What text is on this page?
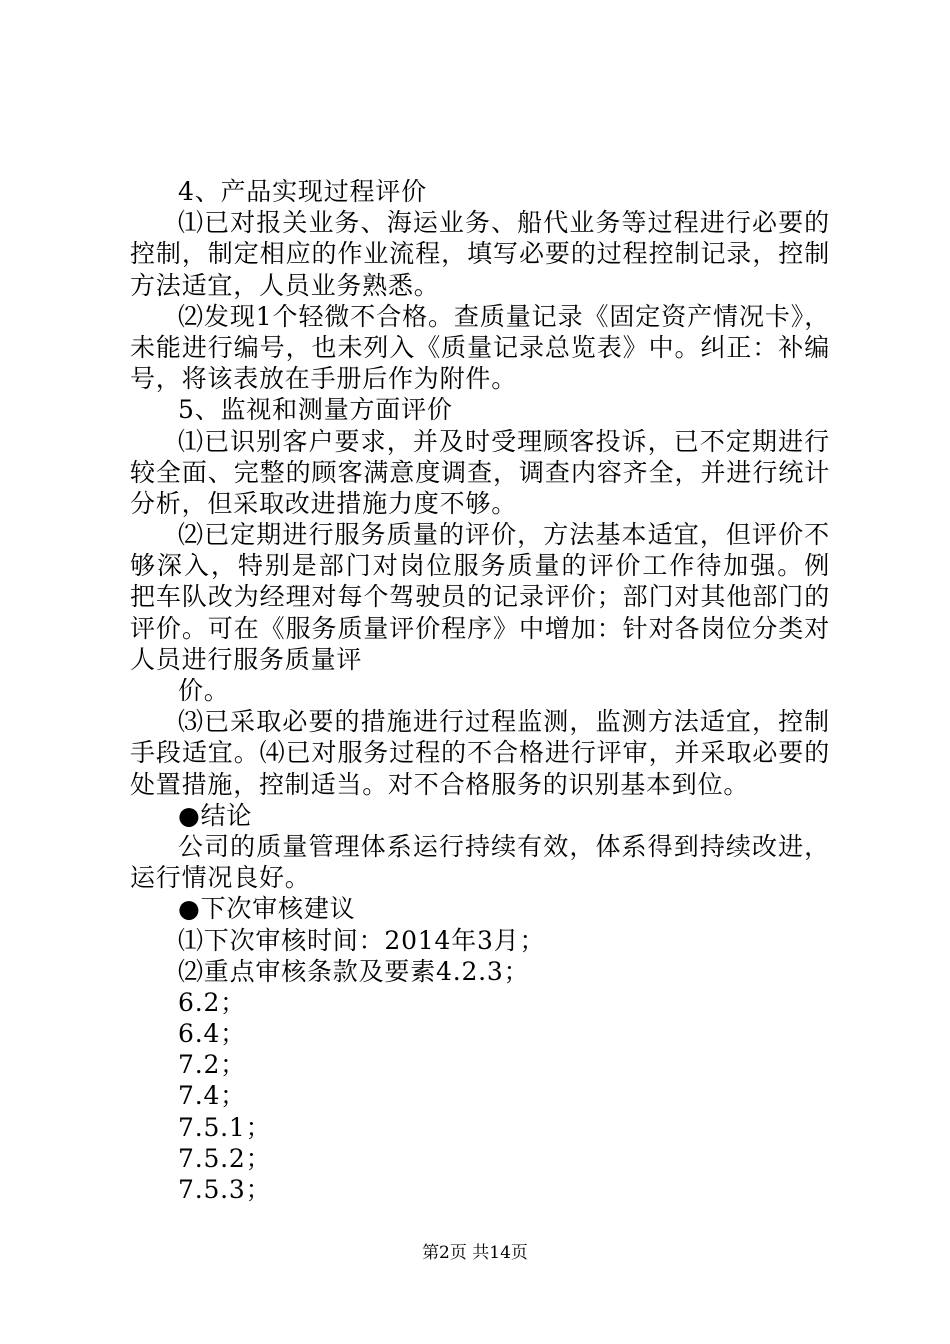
4、产品实现过程评价
⑴已对报关业务、海运业务、船代业务等过程进行必要的
控制，制定相应的作业流程，填写必要的过程控制记录，控制
方法适宜，人员业务熟悉。
⑵发现1个轻微不合格。查质量记录《固定资产情况卡》，
未能进行编号，也未列入《质量记录总览表》中。纠正：补编
号，将该表放在手册后作为附件。
5、监视和测量方面评价
⑴已识别客户要求，并及时受理顾客投诉，已不定期进行
较全面、完整的顾客满意度调查，调查内容齐全，并进行统计
分析，但采取改进措施力度不够。
⑵已定期进行服务质量的评价，方法基本适宜，但评价不
够深入，特别是部门对岗位服务质量的评价工作待加强。例
把车队改为经理对每个驾驶员的记录评价；部门对其他部门的
评价。可在《服务质量评价程序》中增加：针对各岗位分类对
人员进行服务质量评
价。
⑶已采取必要的措施进行过程监测，监测方法适宜，控制
手段适宜。⑷已对服务过程的不合格进行评审，并采取必要的
处置措施，控制适当。对不合格服务的识别基本到位。
●结论
公司的质量管理体系运行持续有效，体系得到持续改进，
运行情况良好。
●下次审核建议
⑴下次审核时间：2014年3月；
⑵重点审核条款及要素4.2.3；
6.2；
6.4；
7.2；
7.4；
7.5.1；
7.5.2；
7.5.3；
第2页 共14页
